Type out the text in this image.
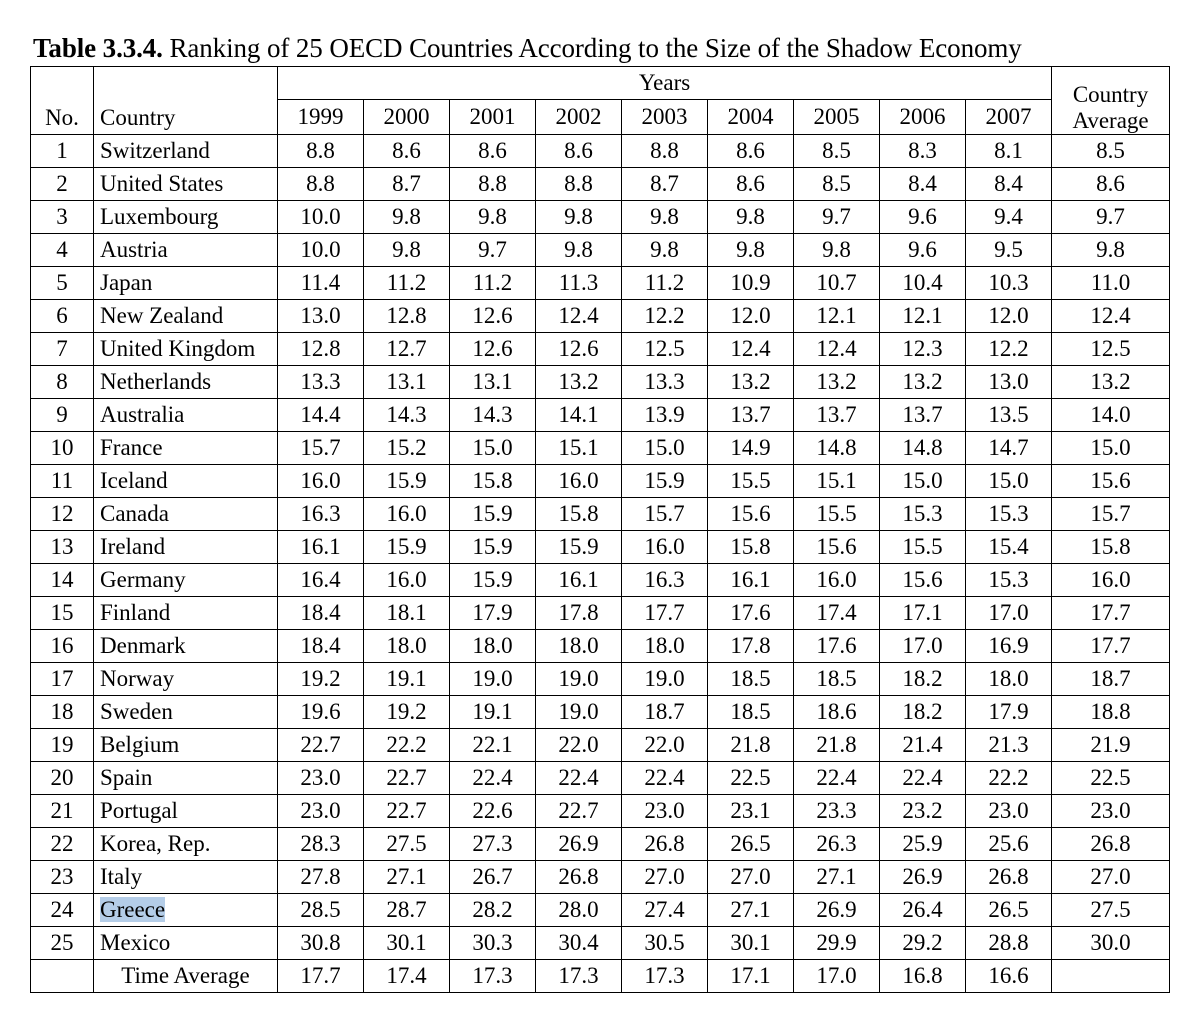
Table 3.3.4. Ranking of 25 OECD Countries According to the Size of the Shadow Economy
No.	Country	Years									Country
Average
		1999	2000	2001	2002	2003	2004	2005	2006	2007	
1	Switzerland	8.8	8.6	8.6	8.6	8.8	8.6	8.5	8.3	8.1	8.5
2	United States	8.8	8.7	8.8	8.8	8.7	8.6	8.5	8.4	8.4	8.6
3	Luxembourg	10.0	9.8	9.8	9.8	9.8	9.8	9.7	9.6	9.4	9.7
4	Austria	10.0	9.8	9.7	9.8	9.8	9.8	9.8	9.6	9.5	9.8
5	Japan	11.4	11.2	11.2	11.3	11.2	10.9	10.7	10.4	10.3	11.0
6	New Zealand	13.0	12.8	12.6	12.4	12.2	12.0	12.1	12.1	12.0	12.4
7	United Kingdom	12.8	12.7	12.6	12.6	12.5	12.4	12.4	12.3	12.2	12.5
8	Netherlands	13.3	13.1	13.1	13.2	13.3	13.2	13.2	13.2	13.0	13.2
9	Australia	14.4	14.3	14.3	14.1	13.9	13.7	13.7	13.7	13.5	14.0
10	France	15.7	15.2	15.0	15.1	15.0	14.9	14.8	14.8	14.7	15.0
11	Iceland	16.0	15.9	15.8	16.0	15.9	15.5	15.1	15.0	15.0	15.6
12	Canada	16.3	16.0	15.9	15.8	15.7	15.6	15.5	15.3	15.3	15.7
13	Ireland	16.1	15.9	15.9	15.9	16.0	15.8	15.6	15.5	15.4	15.8
14	Germany	16.4	16.0	15.9	16.1	16.3	16.1	16.0	15.6	15.3	16.0
15	Finland	18.4	18.1	17.9	17.8	17.7	17.6	17.4	17.1	17.0	17.7
16	Denmark	18.4	18.0	18.0	18.0	18.0	17.8	17.6	17.0	16.9	17.7
17	Norway	19.2	19.1	19.0	19.0	19.0	18.5	18.5	18.2	18.0	18.7
18	Sweden	19.6	19.2	19.1	19.0	18.7	18.5	18.6	18.2	17.9	18.8
19	Belgium	22.7	22.2	22.1	22.0	22.0	21.8	21.8	21.4	21.3	21.9
20	Spain	23.0	22.7	22.4	22.4	22.4	22.5	22.4	22.4	22.2	22.5
21	Portugal	23.0	22.7	22.6	22.7	23.0	23.1	23.3	23.2	23.0	23.0
22	Korea, Rep.	28.3	27.5	27.3	26.9	26.8	26.5	26.3	25.9	25.6	26.8
23	Italy	27.8	27.1	26.7	26.8	27.0	27.0	27.1	26.9	26.8	27.0
24	Greece	28.5	28.7	28.2	28.0	27.4	27.1	26.9	26.4	26.5	27.5
25	Mexico	30.8	30.1	30.3	30.4	30.5	30.1	29.9	29.2	28.8	30.0
	Time Average	17.7	17.4	17.3	17.3	17.3	17.1	17.0	16.8	16.6	
